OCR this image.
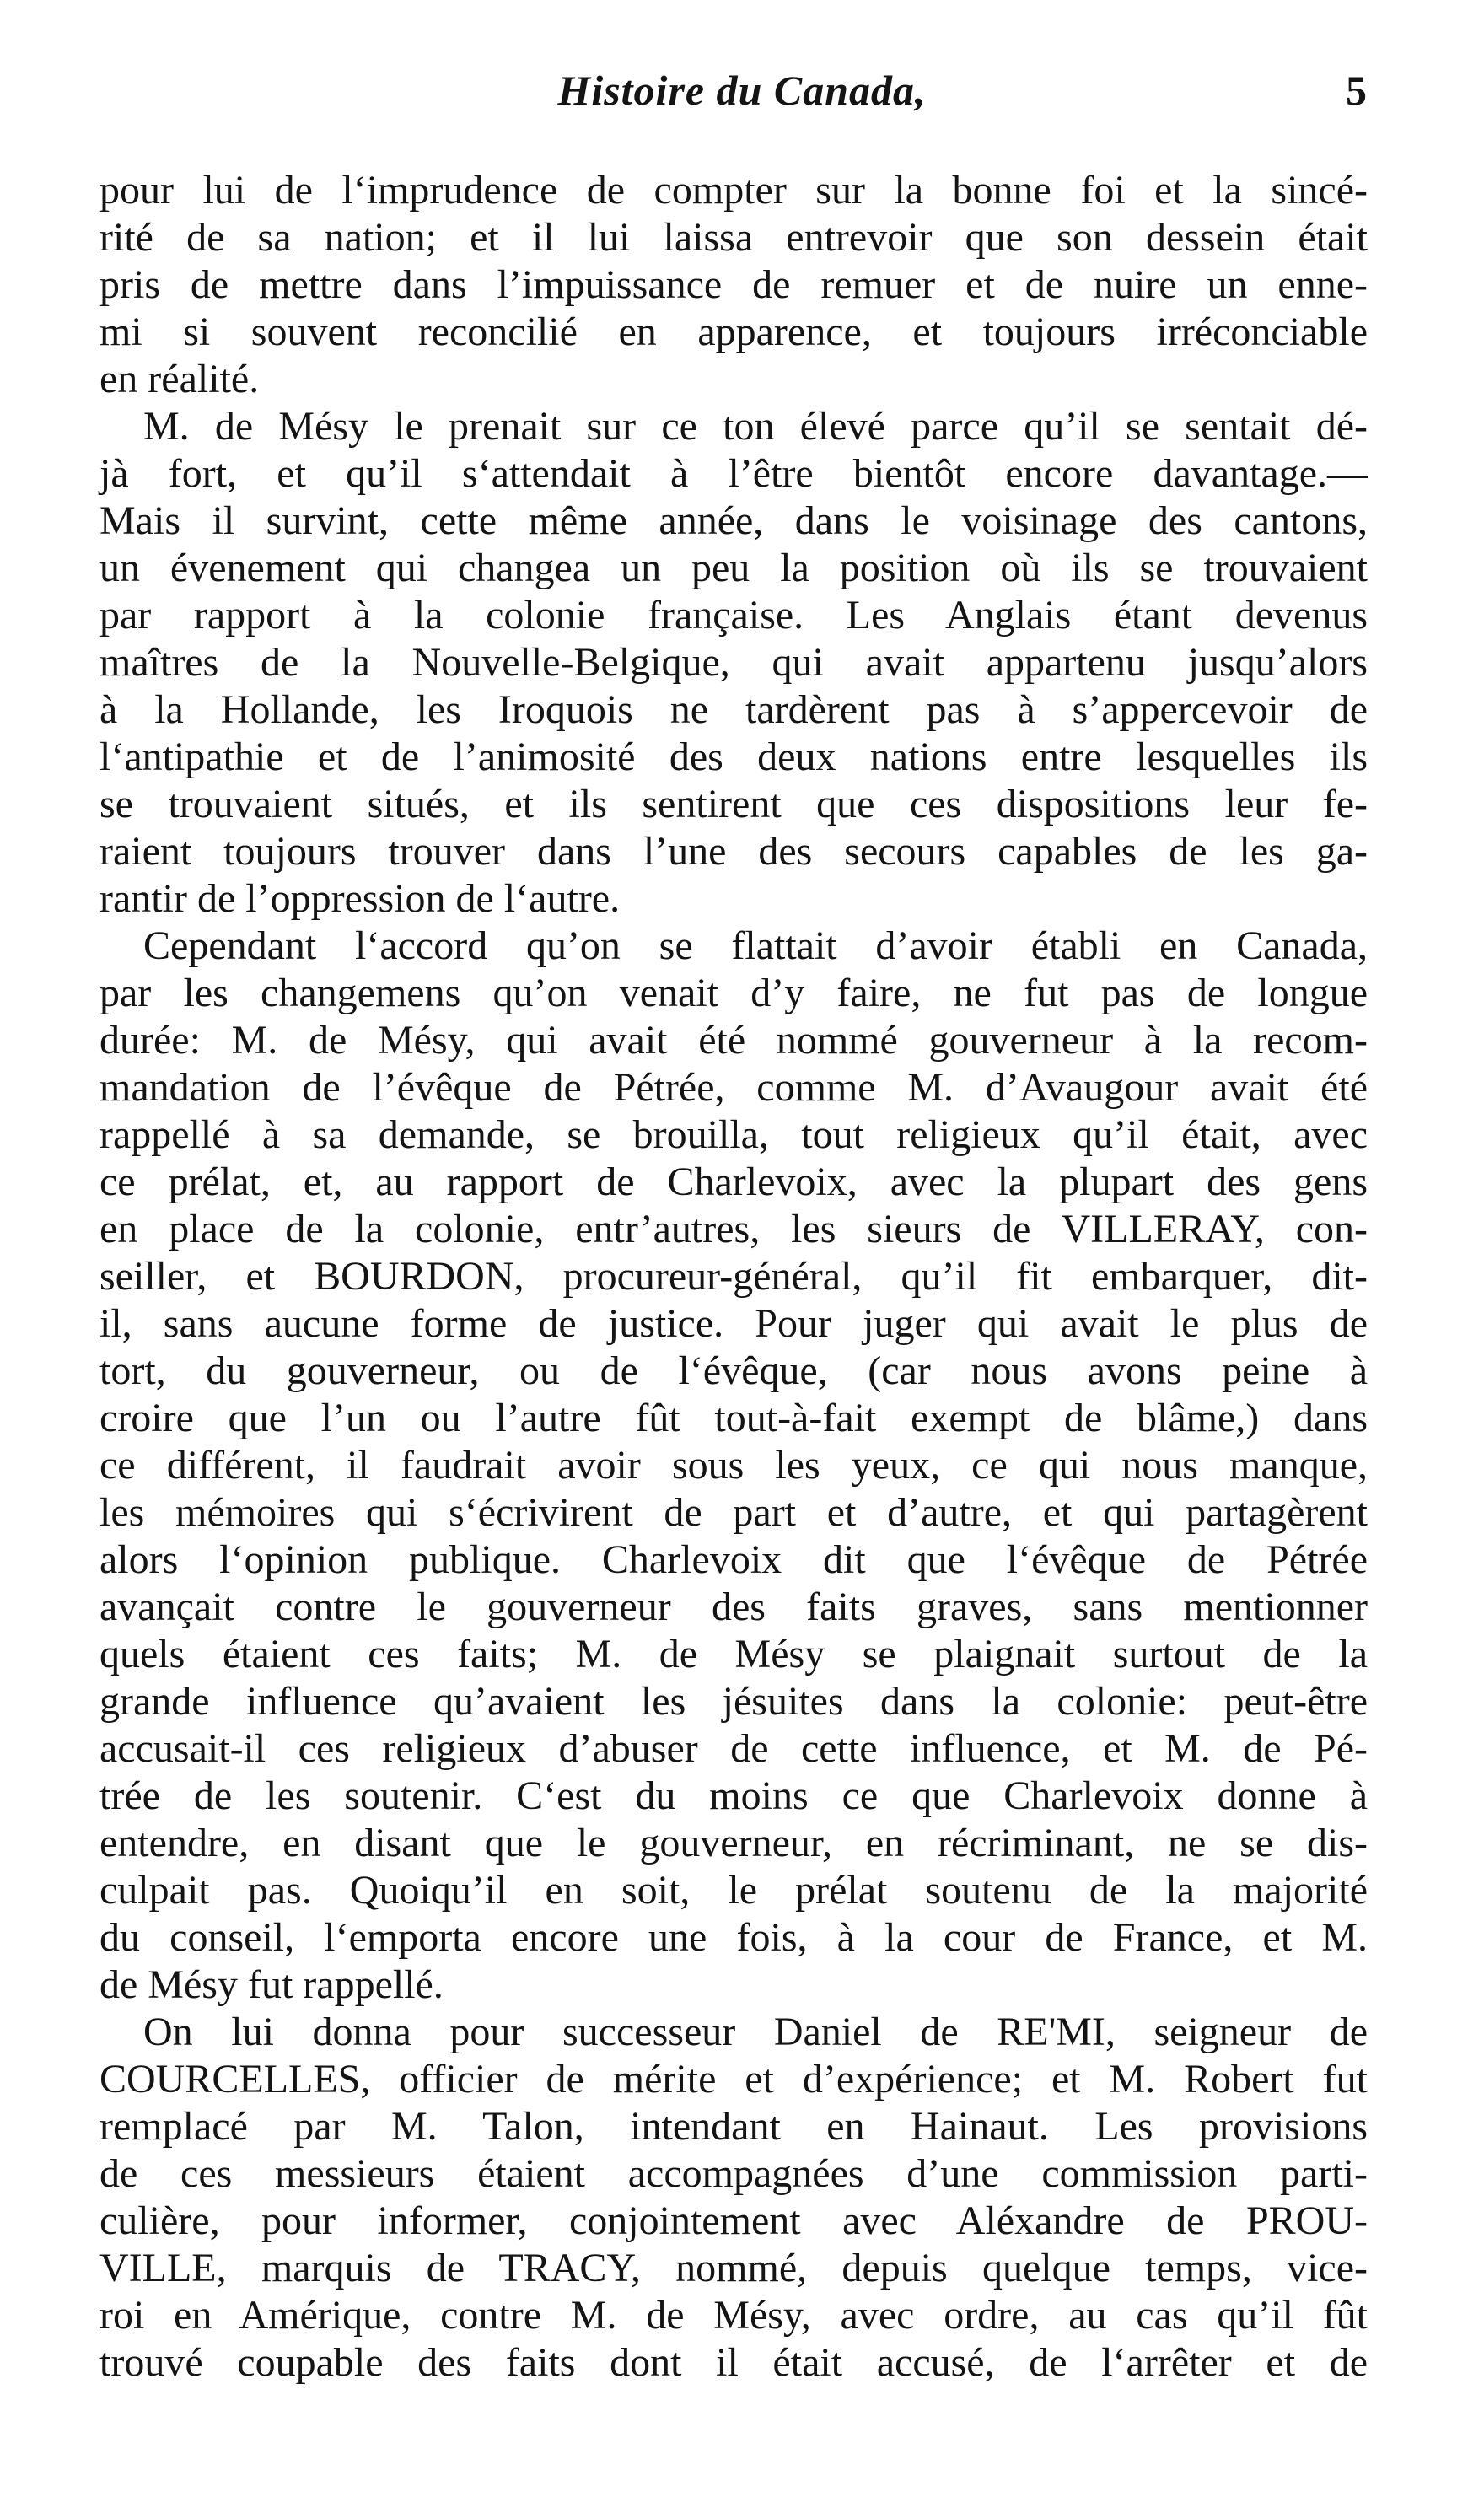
Histoire du Canada,	5
pour lui de l‘imprudence de compter sur la bonne foi et la sincé-
rité de sa nation; et il lui laissa entrevoir que son dessein était
pris de mettre dans l’impuissance de remuer et de nuire un enne-
mi si souvent reconcilié en apparence, et toujours irréconciable
en réalité.
M. de Mésy le prenait sur ce ton élevé parce qu’il se sentait dé-
jà fort, et qu’il s‘attendait à l’être bientôt encore davantage.—
Mais il survint, cette même année, dans le voisinage des cantons,
un évenement qui changea un peu la position où ils se trouvaient
par rapport à la colonie française. Les Anglais étant devenus
maîtres de la Nouvelle-Belgique, qui avait appartenu jusqu’alors
à la Hollande, les Iroquois ne tardèrent pas à s’appercevoir de
l‘antipathie et de l’animosité des deux nations entre lesquelles ils
se trouvaient situés, et ils sentirent que ces dispositions leur fe-
raient toujours trouver dans l’une des secours capables de les ga-
rantir de l’oppression de l‘autre.
Cependant l‘accord qu’on se flattait d’avoir établi en Canada,
par les changemens qu’on venait d’y faire, ne fut pas de longue
durée: M. de Mésy, qui avait été nommé gouverneur à la recom-
mandation de l’évêque de Pétrée, comme M. d’Avaugour avait été
rappellé à sa demande, se brouilla, tout religieux qu’il était, avec
ce prélat, et, au rapport de Charlevoix, avec la plupart des gens
en place de la colonie, entr’autres, les sieurs de VILLERAY, con-
seiller, et BOURDON, procureur-général, qu’il fit embarquer, dit-
il, sans aucune forme de justice. Pour juger qui avait le plus de
tort, du gouverneur, ou de l‘évêque, (car nous avons peine à
croire que l’un ou l’autre fût tout-à-fait exempt de blâme,) dans
ce différent, il faudrait avoir sous les yeux, ce qui nous manque,
les mémoires qui s‘écrivirent de part et d’autre, et qui partagèrent
alors l‘opinion publique. Charlevoix dit que l‘évêque de Pétrée
avançait contre le gouverneur des faits graves, sans mentionner
quels étaient ces faits; M. de Mésy se plaignait surtout de la
grande influence qu’avaient les jésuites dans la colonie: peut-être
accusait-il ces religieux d’abuser de cette influence, et M. de Pé-
trée de les soutenir. C‘est du moins ce que Charlevoix donne à
entendre, en disant que le gouverneur, en récriminant, ne se dis-
culpait pas. Quoiqu’il en soit, le prélat soutenu de la majorité
du conseil, l‘emporta encore une fois, à la cour de France, et M.
de Mésy fut rappellé.
On lui donna pour successeur Daniel de RE'MI, seigneur de
COURCELLES, officier de mérite et d’expérience; et M. Robert fut
remplacé par M. Talon, intendant en Hainaut. Les provisions
de ces messieurs étaient accompagnées d’une commission parti-
culière, pour informer, conjointement avec Aléxandre de PROU-
VILLE, marquis de TRACY, nommé, depuis quelque temps, vice-
roi en Amérique, contre M. de Mésy, avec ordre, au cas qu’il fût
trouvé coupable des faits dont il était accusé, de l‘arrêter et de
